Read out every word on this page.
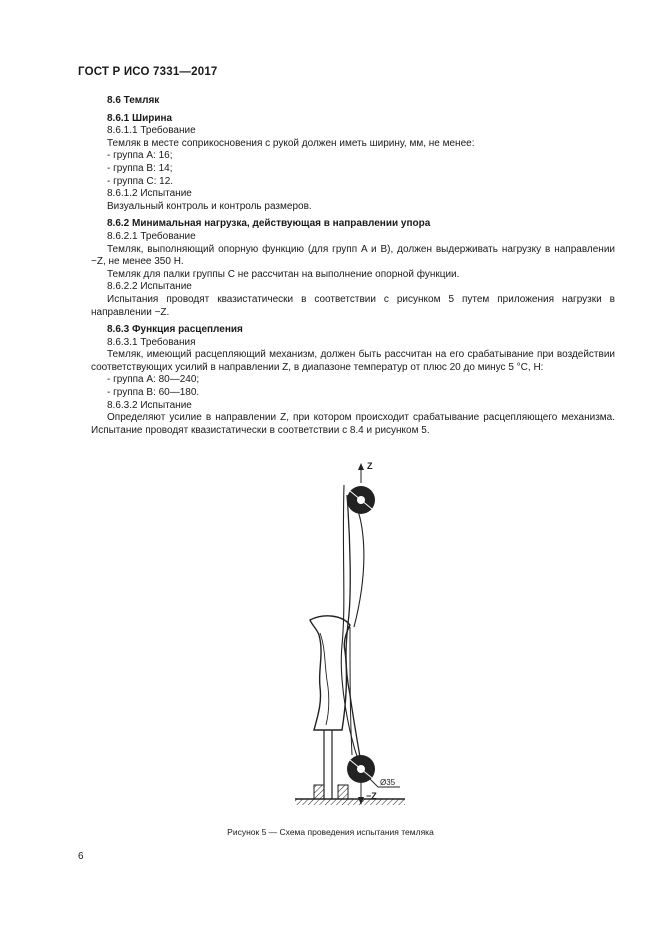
ГОСТ Р ИСО 7331—2017

8.6 Темляк

8.6.1 Ширина

8.6.1.1 Требование

Темляк в месте соприкосновения с рукой должен иметь ширину, мм, не менее:

- группа A: 16;

- группа B: 14;

- группа C: 12.

8.6.1.2 Испытание

Визуальный контроль и контроль размеров.

8.6.2 Минимальная нагрузка, действующая в направлении упора

8.6.2.1 Требование

Темляк, выполняющий опорную функцию (для групп A и B), должен выдерживать нагрузку в направлении −Z, не менее 350 Н.

Темляк для палки группы C не рассчитан на выполнение опорной функции.

8.6.2.2 Испытание

Испытания проводят квазистатически в соответствии с рисунком 5 путем приложения нагрузки в направлении −Z.

8.6.3 Функция расцепления

8.6.3.1 Требования

Темляк, имеющий расцепляющий механизм, должен быть рассчитан на его срабатывание при воздействии соответствующих усилий в направлении Z, в диапазоне температур от плюс 20 до минус 5 °С, Н:

- группа A: 80—240;

- группа B: 60—180.

8.6.3.2 Испытание

Определяют усилие в направлении Z, при котором происходит срабатывание расцепляющего механизма. Испытание проводят квазистатически в соответствии с 8.4 и рисунком 5.

Z
Ø35
−Z
Рисунок 5 — Схема проведения испытания темляка
6
